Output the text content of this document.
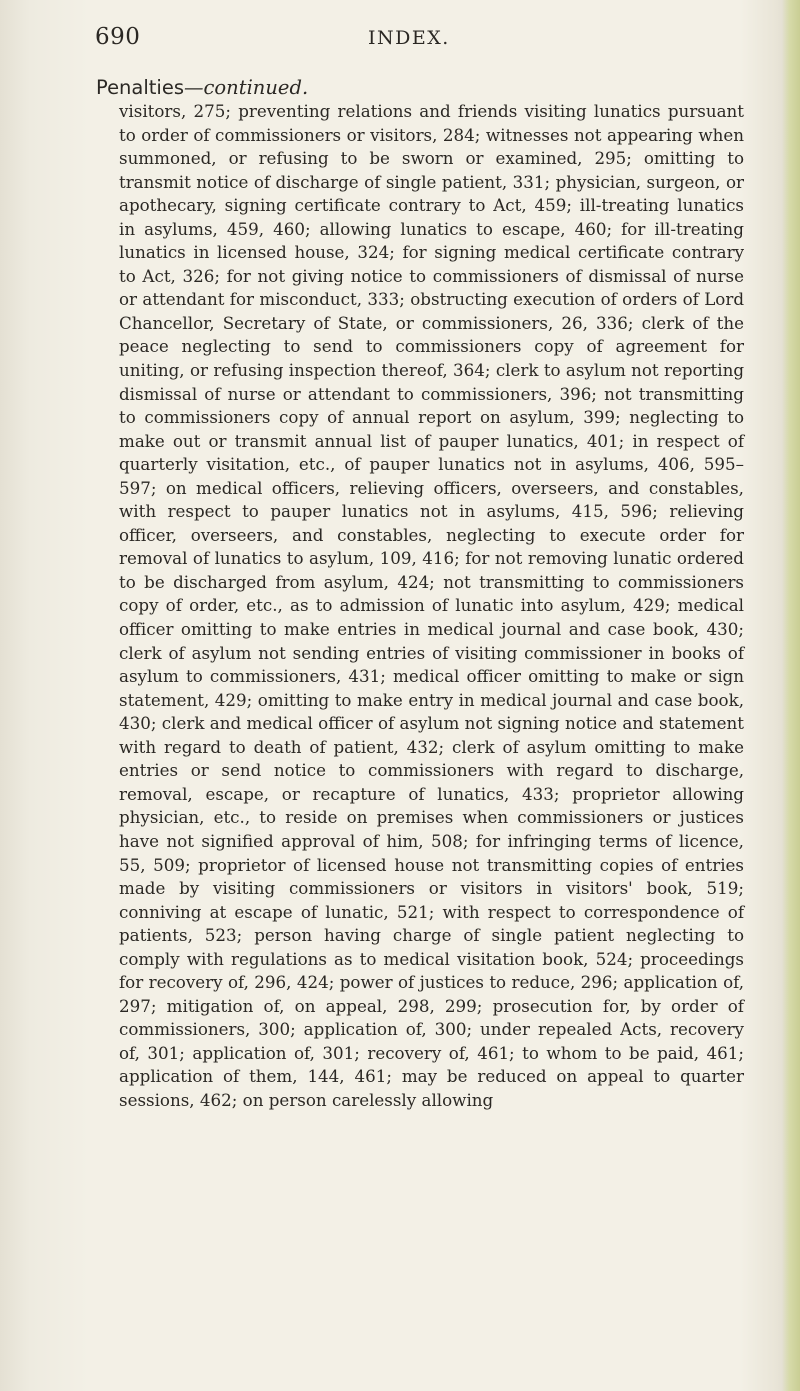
690	INDEX.

Penalties—continued.

visitors, 275; preventing relations and friends visiting lunatics pursuant to order of commissioners or visitors, 284; witnesses not appearing when summoned, or refusing to be sworn or examined, 295; omitting to transmit notice of discharge of single patient, 331; physician, surgeon, or apothecary, signing certificate contrary to Act, 459; ill-treating lunatics in asylums, 459, 460; allowing lunatics to escape, 460; for ill-treating lunatics in licensed house, 324; for signing medical certificate contrary to Act, 326; for not giving notice to commissioners of dismissal of nurse or attendant for misconduct, 333; obstructing execution of orders of Lord Chancellor, Secretary of State, or commissioners, 26, 336; clerk of the peace neglecting to send to commissioners copy of agreement for uniting, or refusing inspection thereof, 364; clerk to asylum not reporting dismissal of nurse or attendant to commissioners, 396; not transmitting to commissioners copy of annual report on asylum, 399; neglecting to make out or transmit annual list of pauper lunatics, 401; in respect of quarterly visitation, etc., of pauper lunatics not in asylums, 406, 595–597; on medical officers, relieving officers, overseers, and constables, with respect to pauper lunatics not in asylums, 415, 596; relieving officer, overseers, and constables, neglecting to execute order for removal of lunatics to asylum, 109, 416; for not removing lunatic ordered to be discharged from asylum, 424; not transmitting to commissioners copy of order, etc., as to admission of lunatic into asylum, 429; medical officer omitting to make entries in medical journal and case book, 430; clerk of asylum not sending entries of visiting commissioner in books of asylum to commissioners, 431; medical officer omitting to make or sign statement, 429; omitting to make entry in medical journal and case book, 430; clerk and medical officer of asylum not signing notice and statement with regard to death of patient, 432; clerk of asylum omitting to make entries or send notice to commissioners with regard to discharge, removal, escape, or recapture of lunatics, 433; proprietor allowing physician, etc., to reside on premises when commissioners or justices have not signified approval of him, 508; for infringing terms of licence, 55, 509; proprietor of licensed house not transmitting copies of entries made by visiting commissioners or visitors in visitors' book, 519; conniving at escape of lunatic, 521; with respect to correspondence of patients, 523; person having charge of single patient neglecting to comply with regulations as to medical visitation book, 524; proceedings for recovery of, 296, 424; power of justices to reduce, 296; application of, 297; mitigation of, on appeal, 298, 299; prosecution for, by order of commissioners, 300; application of, 300; under repealed Acts, recovery of, 301; application of, 301; recovery of, 461; to whom to be paid, 461; application of them, 144, 461; may be reduced on appeal to quarter sessions, 462; on person carelessly allowing
